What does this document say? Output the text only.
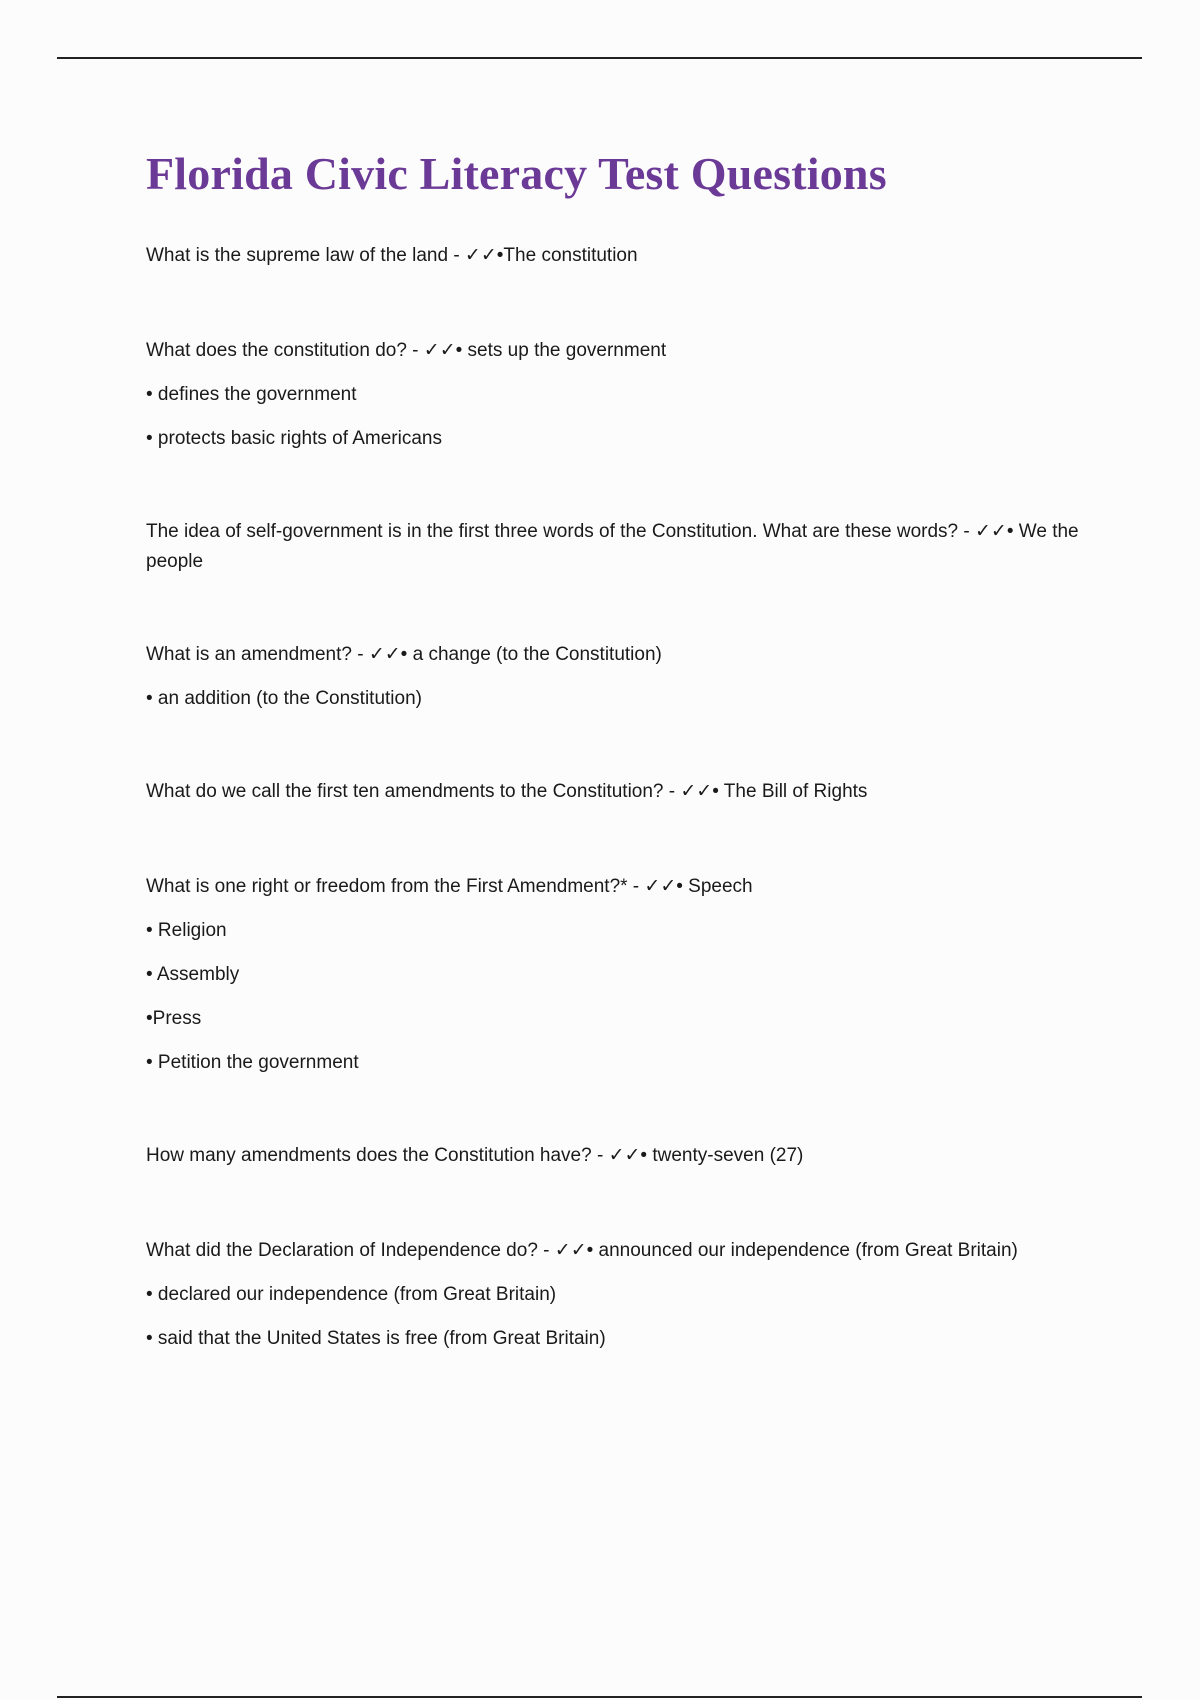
Florida Civic Literacy Test Questions
What is the supreme law of the land - ✓✓•The constitution
What does the constitution do? - ✓✓• sets up the government
• defines the government
• protects basic rights of Americans
The idea of self-government is in the first three words of the Constitution. What are these words? - ✓✓• We the people
What is an amendment? - ✓✓• a change (to the Constitution)
• an addition (to the Constitution)
What do we call the first ten amendments to the Constitution? - ✓✓• The Bill of Rights
What is one right or freedom from the First Amendment?* - ✓✓• Speech
• Religion
• Assembly
•Press
• Petition the government
How many amendments does the Constitution have? - ✓✓• twenty-seven (27)
What did the Declaration of Independence do? - ✓✓• announced our independence (from Great Britain)
• declared our independence (from Great Britain)
• said that the United States is free (from Great Britain)
